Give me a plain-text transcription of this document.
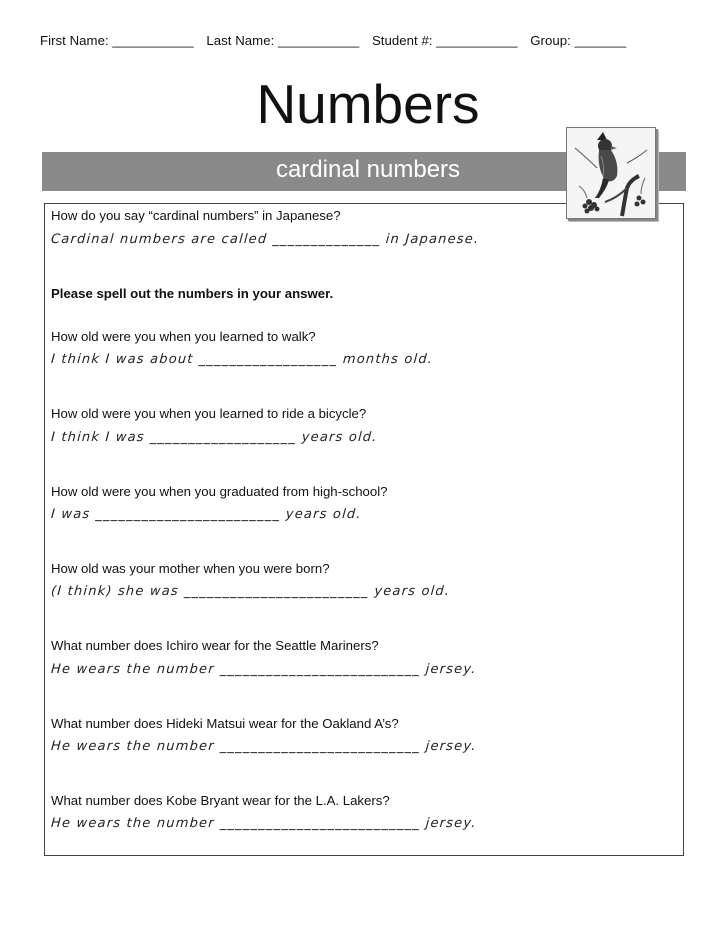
First Name: ___________ Last Name: ___________ Student #: ___________ Group: _______
Numbers
cardinal numbers
How do you say “cardinal numbers” in Japanese?
Cardinal numbers are called ______________ in Japanese.
Please spell out the numbers in your answer.
How old were you when you learned to walk?
I think I was about __________________ months old.
How old were you when you learned to ride a bicycle?
I think I was ___________________ years old.
How old were you when you graduated from high-school?
I was ________________________ years old.
How old was your mother when you were born?
(I think) she was ________________________ years old.
What number does Ichiro wear for the Seattle Mariners?
He wears the number __________________________ jersey.
What number does Hideki Matsui wear for the Oakland A’s?
He wears the number __________________________ jersey.
What number does Kobe Bryant wear for the L.A. Lakers?
He wears the number __________________________ jersey.
